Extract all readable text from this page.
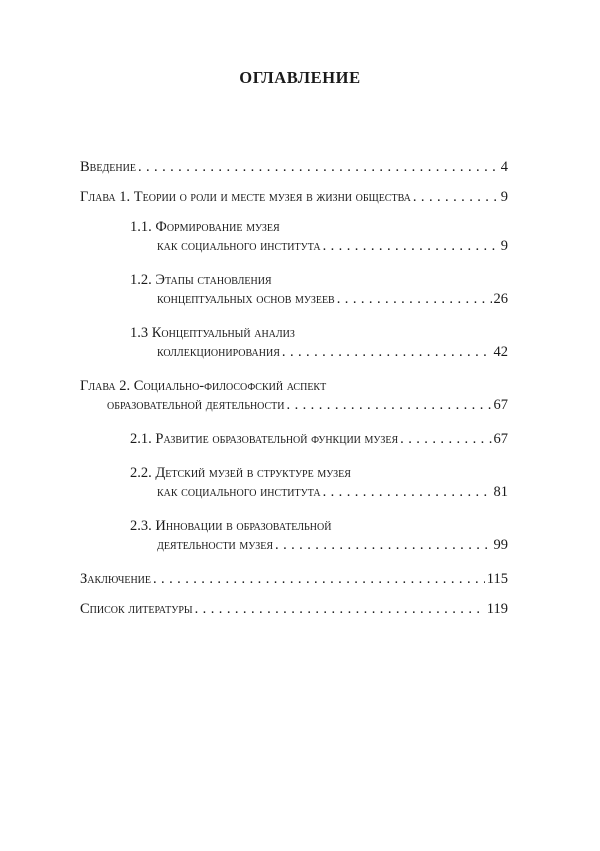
ОГЛАВЛЕНИЕ
Введение . . .	4
Глава 1. Теории о роли и месте музея в жизни общества . . .	9
1.1. Формирование музея
как социального института . . .	9
1.2. Этапы становления
концептуальных основ музеев . . .	26
1.3 Концептуальный анализ
коллекционирования . . .	42
Глава 2. Социально-философский аспект
образовательной деятельности . . .	67
2.1. Развитие образовательной функции музея . . .	67
2.2. Детский музей в структуре музея
как социального института . . .	81
2.3. Инновации в образовательной
деятельности музея . . .	99
Заключение . . .	115
Список литературы . . .	119
